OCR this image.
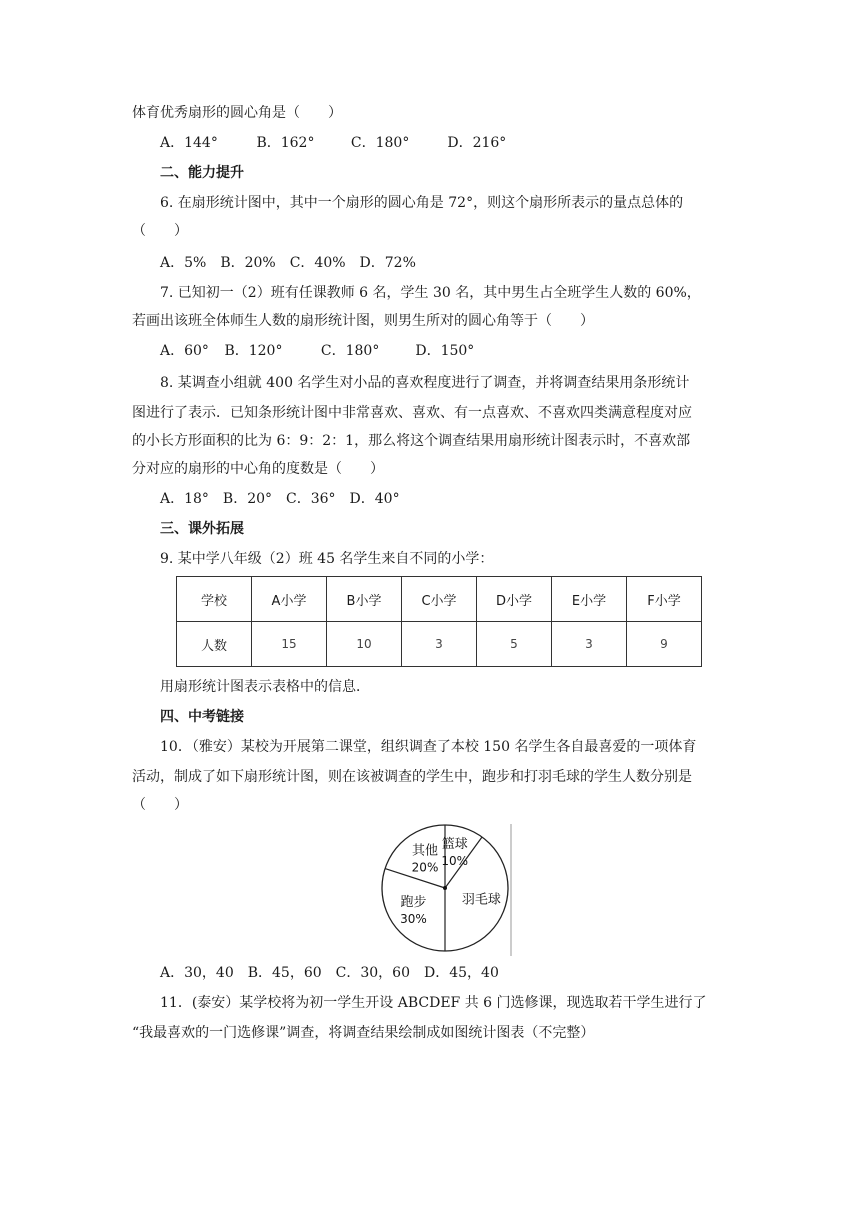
体育优秀扇形的圆心角是（　　）
A．144°	B．162°	C．180°	D．216°
二、能力提升
6. 在扇形统计图中，其中一个扇形的圆心角是 72°，则这个扇形所表示的量点总体的
（　　）
A．5%　B．20%　C．40%　D．72%
7. 已知初一（2）班有任课教师 6 名，学生 30 名，其中男生占全班学生人数的 60%，
若画出该班全体师生人数的扇形统计图，则男生所对的圆心角等于（　　）
A．60° B．120°	C．180°	D．150°
8. 某调查小组就 400 名学生对小品的喜欢程度进行了调查，并将调查结果用条形统计
图进行了表示．已知条形统计图中非常喜欢、喜欢、有一点喜欢、不喜欢四类满意程度对应
的小长方形面积的比为 6：9：2：1，那么将这个调查结果用扇形统计图表示时，不喜欢部
分对应的扇形的中心角的度数是（　　）
A．18°　B．20°　C．36°　D．40°
三、课外拓展
9. 某中学八年级（2）班 45 名学生来自不同的小学：
学校	A小学	B小学	C小学	D小学	E小学	F小学
人数	15	10	3	5	3	9
用扇形统计图表示表格中的信息．
四、中考链接
10．（雅安）某校为开展第二课堂，组织调查了本校 150 名学生各自最喜爱的一项体育
活动，制成了如下扇形统计图，则在该被调查的学生中，跑步和打羽毛球的学生人数分别是
（　　）
篮球
10%
羽毛球
跑步
30%
其他
20%
A．30，40　B．45，60　C．30，60　D．45，40
11．(泰安）某学校将为初一学生开设 ABCDEF 共 6 门选修课，现选取若干学生进行了
“我最喜欢的一门选修课”调查，将调查结果绘制成如图统计图表（不完整）
